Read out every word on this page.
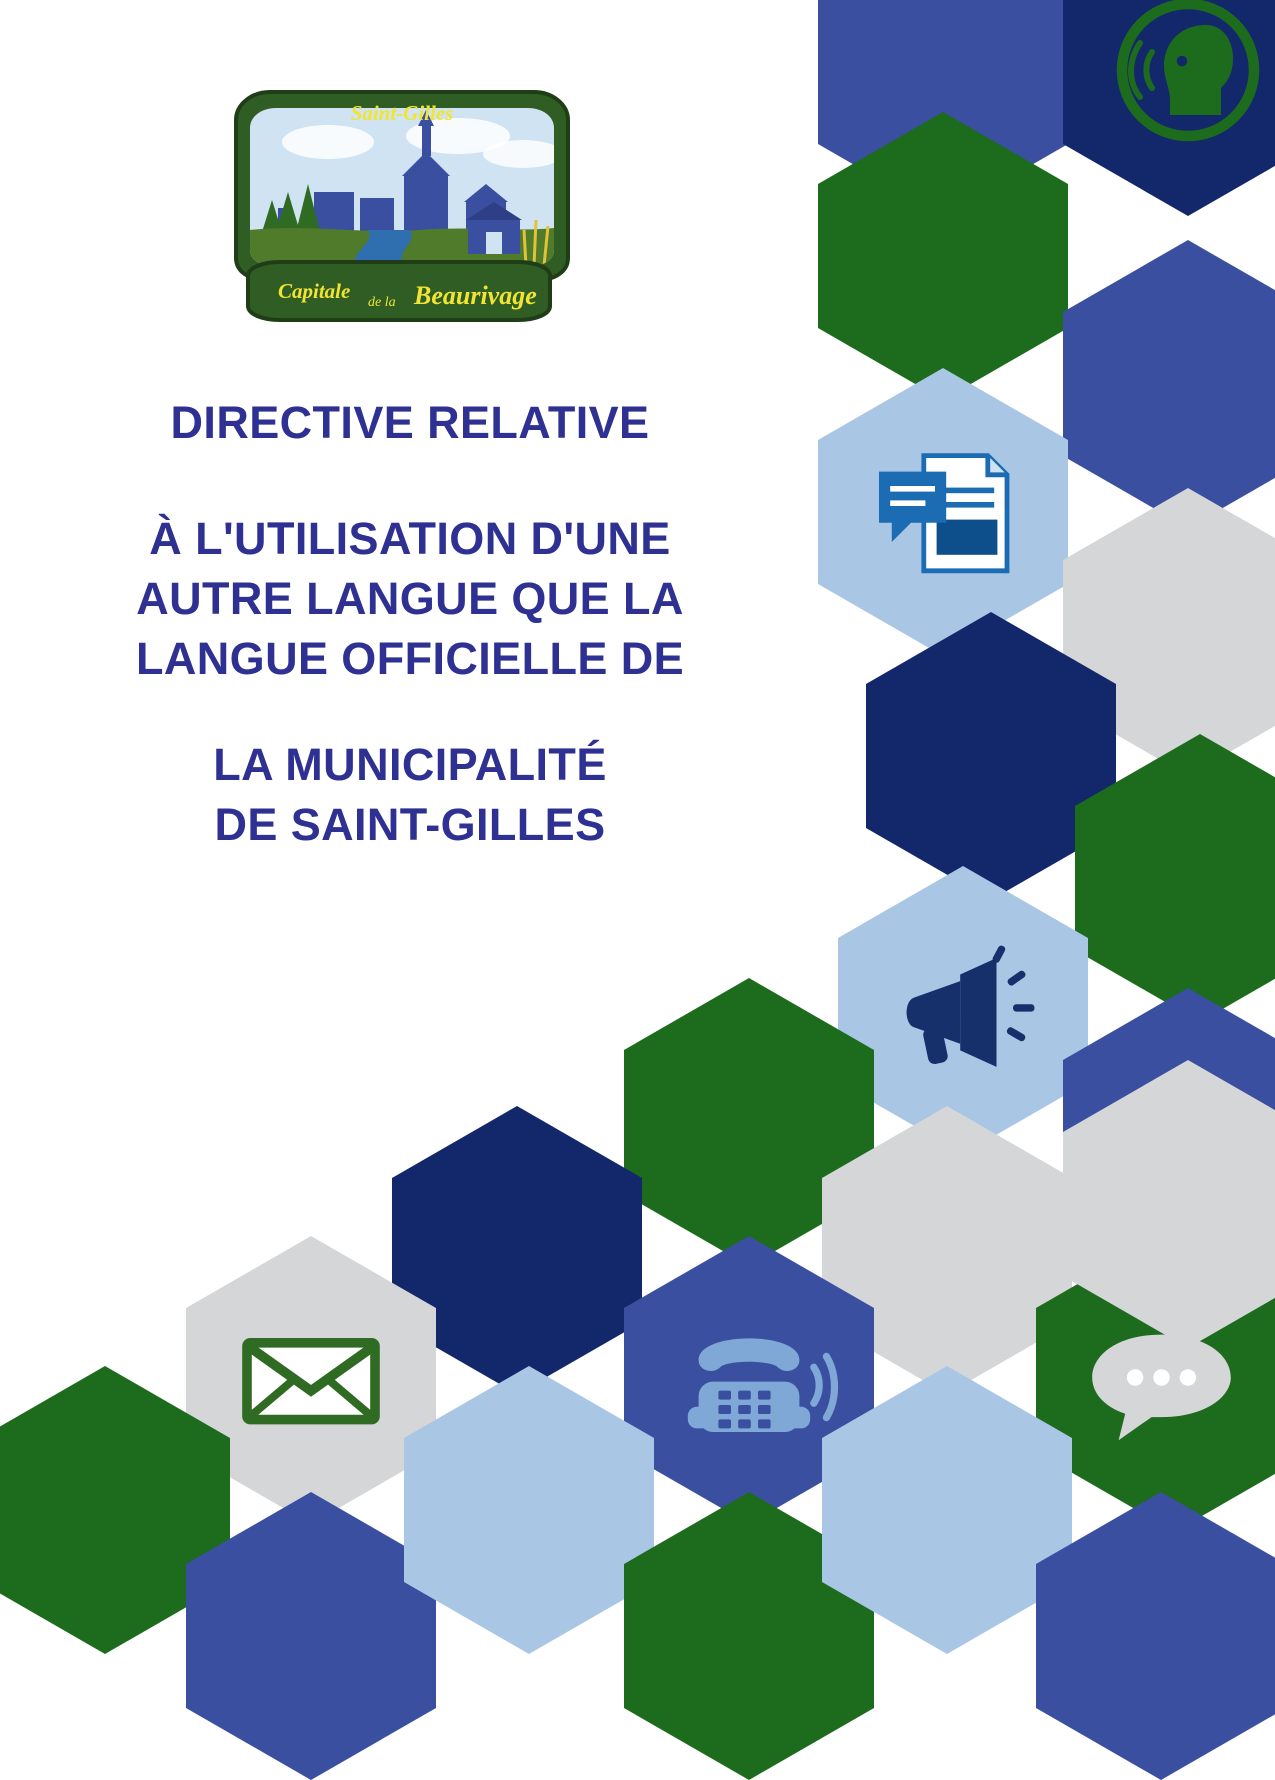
Saint-Gilles
Capitale de la Beaurivage
DIRECTIVE RELATIVE
À L'UTILISATION D'UNE
AUTRE LANGUE QUE LA
LANGUE OFFICIELLE DE
LA MUNICIPALITÉ
DE SAINT-GILLES
